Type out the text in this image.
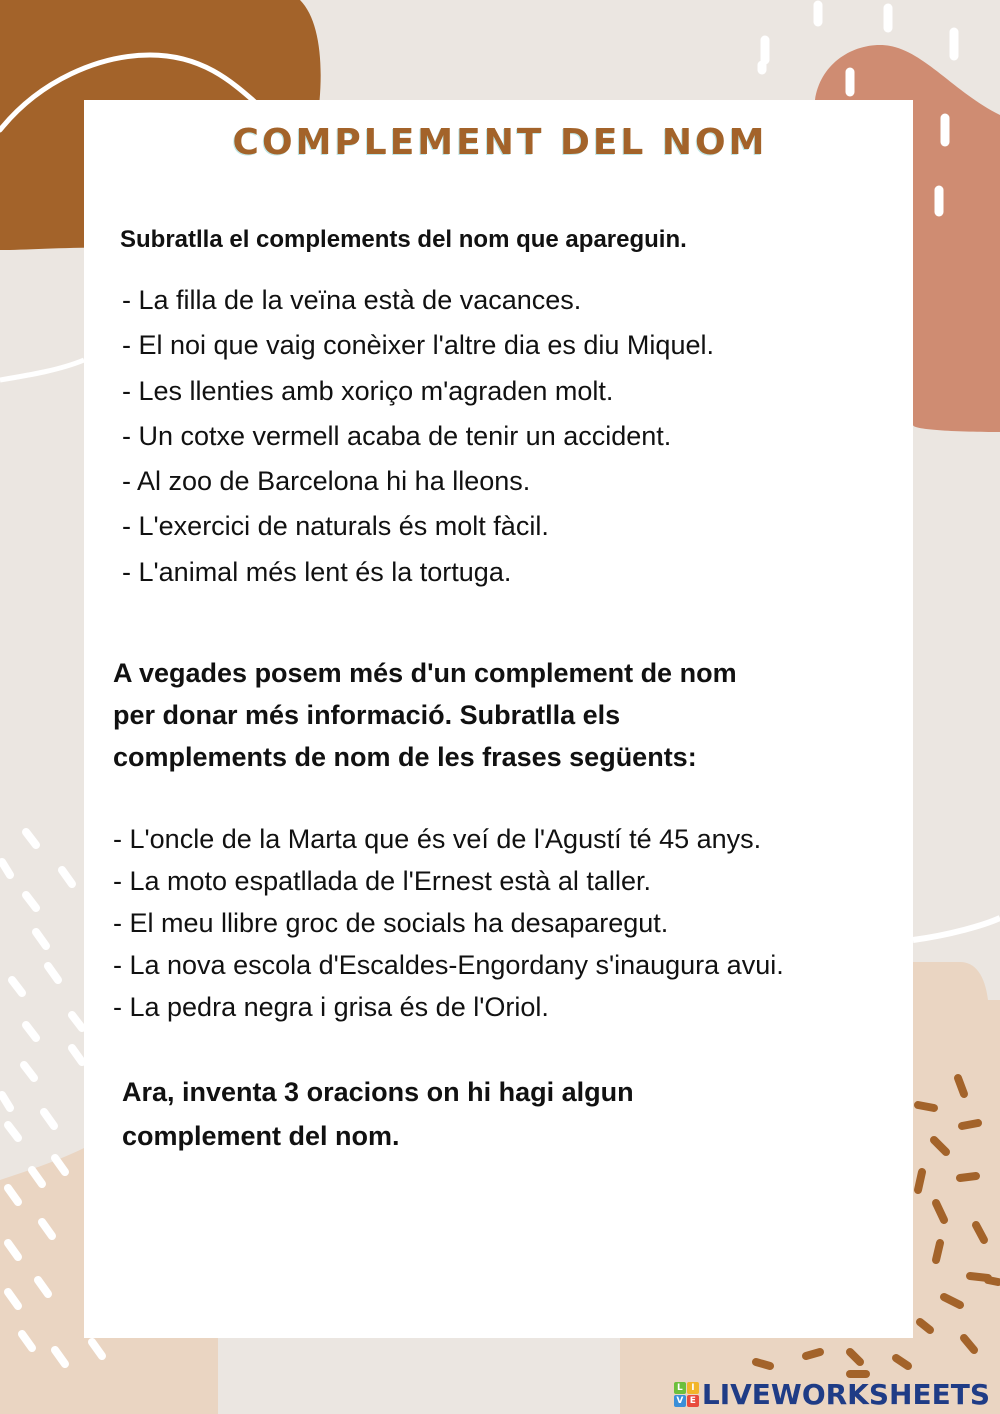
COMPLEMENT DEL NOM
Subratlla el complements del nom que apareguin.
- La filla de la veïna està de vacances.
- El noi que vaig conèixer l'altre dia es diu Miquel.
- Les llenties amb xoriço m'agraden molt.
- Un cotxe vermell acaba de tenir un accident.
- Al zoo de Barcelona hi ha lleons.
- L'exercici de naturals és molt fàcil.
- L'animal més lent és la tortuga.
A vegades posem més d'un complement de nom
per donar més informació. Subratlla els
complements de nom de les frases següents:
- L'oncle de la Marta que és veí de l'Agustí té 45 anys.
- La moto espatllada de l'Ernest està al taller.
- El meu llibre groc de socials ha desaparegut.
- La nova escola d'Escaldes-Engordany s'inaugura avui.
- La pedra negra i grisa és de l'Oriol.
Ara, inventa 3 oracions on hi hagi algun
complement del nom.
L I
V E LIVEWORKSHEETS
